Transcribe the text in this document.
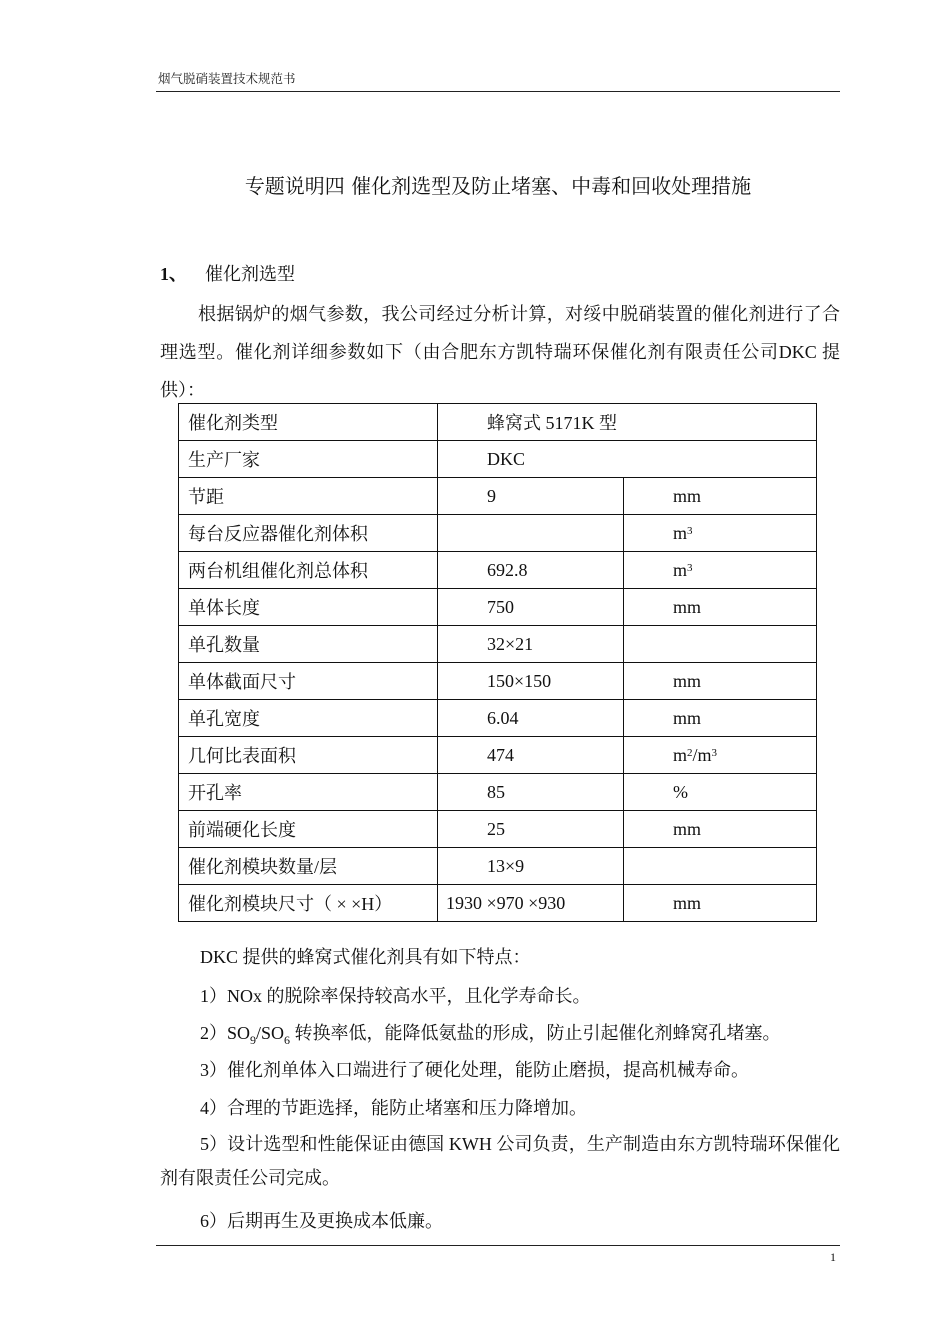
烟气脱硝装置技术规范书
专题说明四 催化剂选型及防止堵塞、中毒和回收处理措施
1、 催化剂选型
根据锅炉的烟气参数，我公司经过分析计算，对绥中脱硝装置的催化剂进行了合理选型。催化剂详细参数如下（由合肥东方凯特瑞环保催化剂有限责任公司DKC 提供）：
催化剂类型	蜂窝式 5171K 型	
生产厂家	DKC	
节距	9	mm
每台反应器催化剂体积		$m^3$
两台机组催化剂总体积	692.8	$m^3$
单体长度	750	mm
单孔数量	32×21	
单体截面尺寸	150×150	mm
单孔宽度	6.04	mm
几何比表面积	474	$m^2/m^3$
开孔率	85	%
前端硬化长度	25	mm
催化剂模块数量/层	13×9	
催化剂模块尺寸（ × ×H）	1930 ×970 ×930	mm
DKC 提供的蜂窝式催化剂具有如下特点：
1）NOx 的脱除率保持较高水平，且化学寿命长。
$2)SO_9/SO_6$ 转换率低，能降低氨盐的形成，防止引起催化剂蜂窝孔堵塞。
3）催化剂单体入口端进行了硬化处理，能防止磨损，提高机械寿命。
4）合理的节距选择，能防止堵塞和压力降增加。
5）设计选型和性能保证由德国 KWH 公司负责，生产制造由东方凯特瑞环保催化剂有限责任公司完成。
6）后期再生及更换成本低廉。
1
